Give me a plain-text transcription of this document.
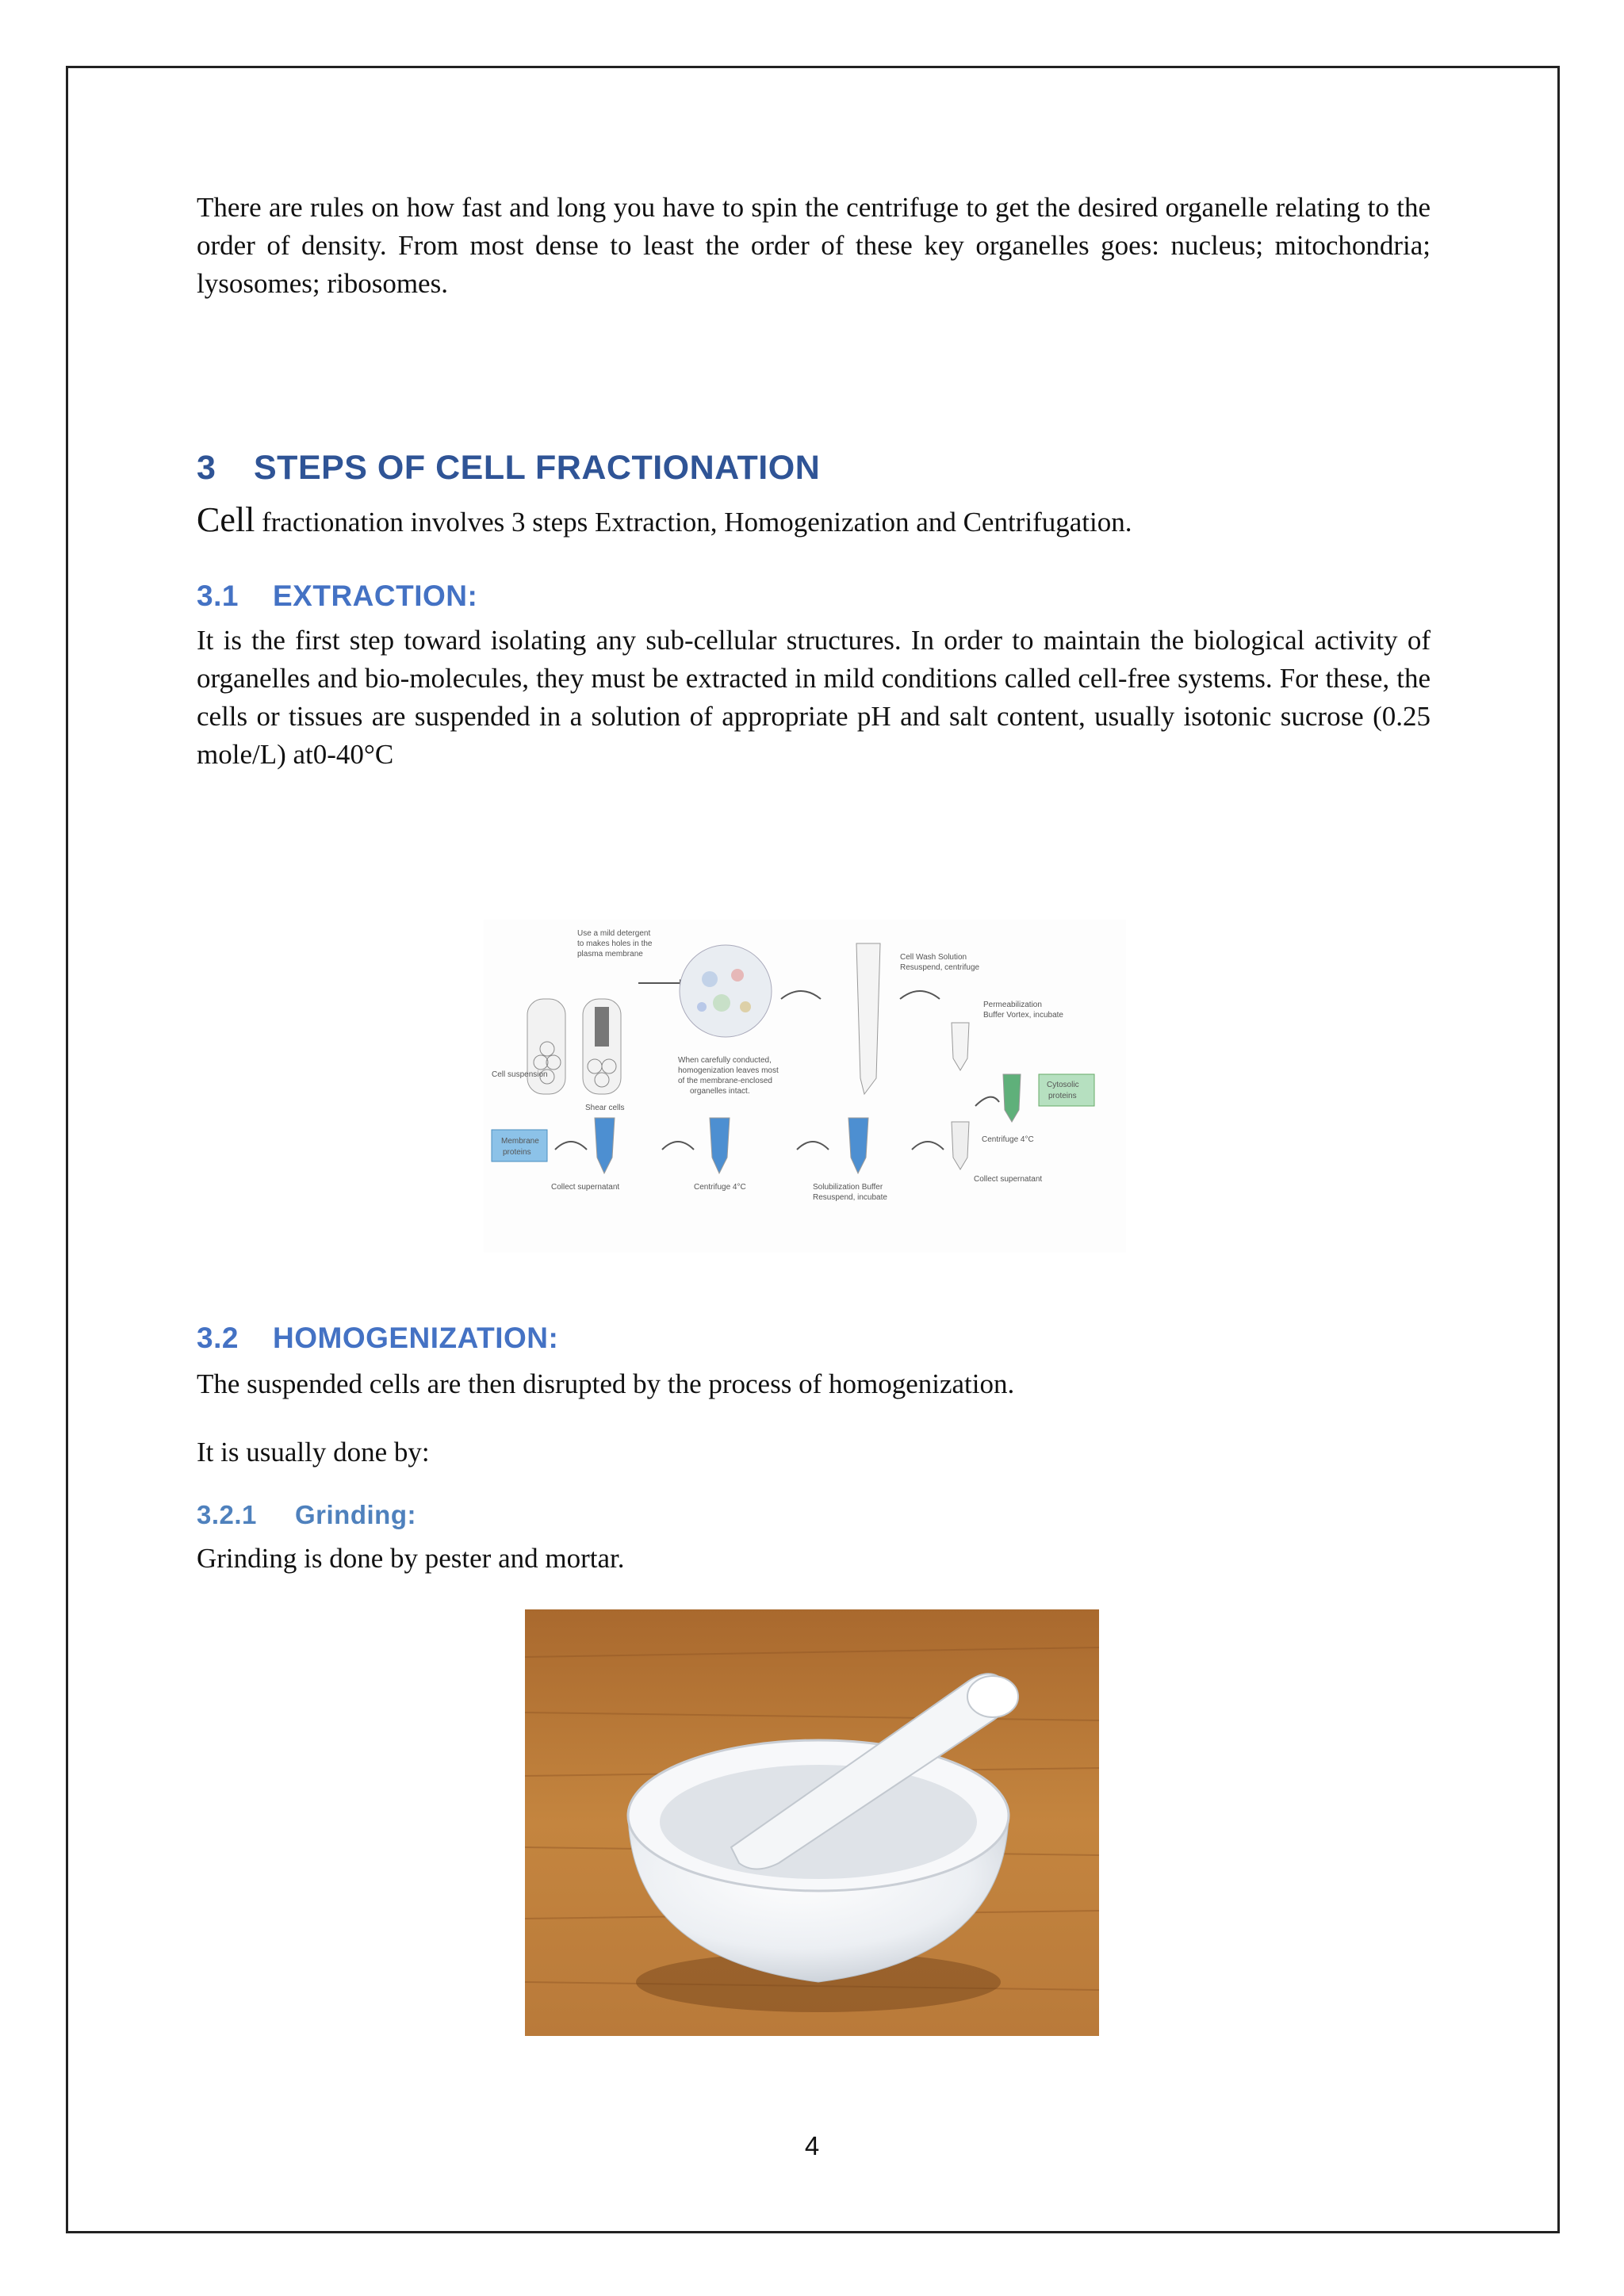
There are rules on how fast and long you have to spin the centrifuge to get the desired organelle relating to the order of density. From most dense to least the order of these key organelles goes: nucleus; mitochondria; lysosomes; ribosomes.

3 STEPS OF CELL FRACTIONATION

Cell fractionation involves 3 steps Extraction, Homogenization and Centrifugation.

3.1 EXTRACTION:

It is the first step toward isolating any sub-cellular structures. In order to maintain the biological activity of organelles and bio-molecules, they must be extracted in mild conditions called cell-free systems. For these, the cells or tissues are suspended in a solution of appropriate pH and salt content, usually isotonic sucrose (0.25 mole/L) at0-40°C

Use a mild detergent
to makes holes in the
plasma membrane
Cell suspension
Shear cells
When carefully conducted,
homogenization leaves most
of the membrane-enclosed
organelles intact.
Cell Wash Solution
Resuspend, centrifuge
Permeabilization
Buffer Vortex, incubate
Cytosolic
proteins
Centrifuge 4°C
Collect supernatant
Solubilization Buffer
Resuspend, incubate
Centrifuge 4°C
Collect supernatant
Membrane
proteins
3.2 HOMOGENIZATION:

The suspended cells are then disrupted by the process of homogenization.

It is usually done by:

3.2.1 Grinding:

Grinding is done by pester and mortar.

4
